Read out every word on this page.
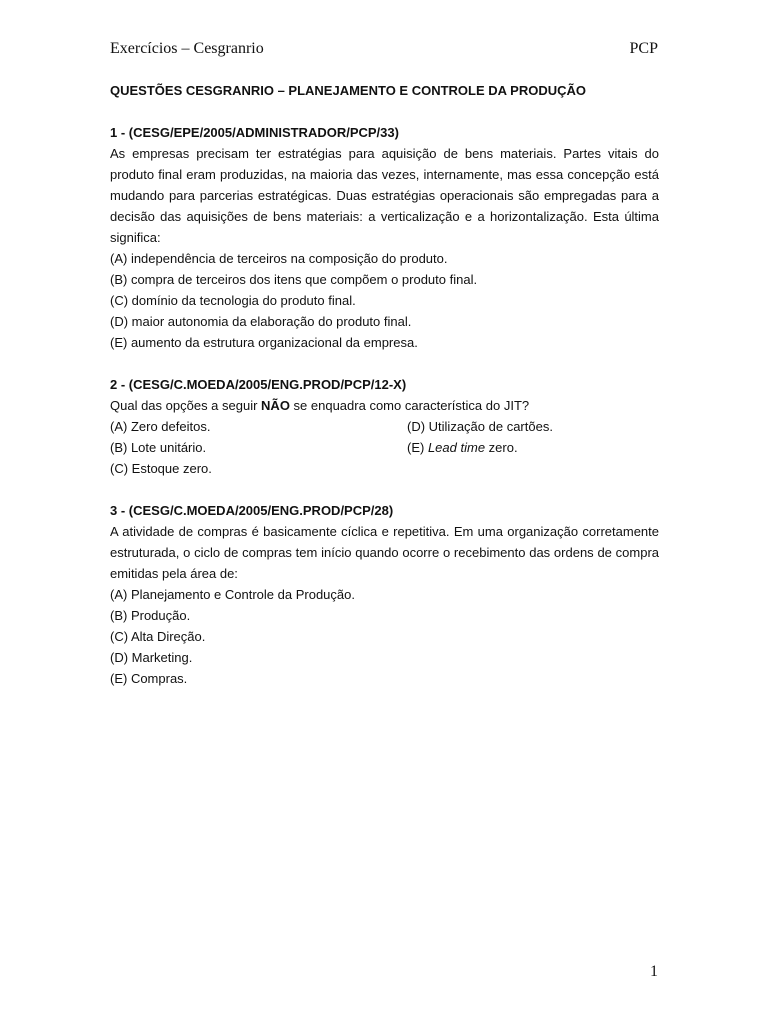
Exercícios – Cesgranrio	PCP

QUESTÕES CESGRANRIO – PLANEJAMENTO E CONTROLE DA PRODUÇÃO

1 - (CESG/EPE/2005/ADMINISTRADOR/PCP/33)

As empresas precisam ter estratégias para aquisição de bens materiais. Partes vitais do produto final eram produzidas, na maioria das vezes, internamente, mas essa concepção está mudando para parcerias estratégicas. Duas estratégias operacionais são empregadas para a decisão das aquisições de bens materiais: a verticalização e a horizontalização. Esta última significa:

(A) independência de terceiros na composição do produto.

(B) compra de terceiros dos itens que compõem o produto final.

(C) domínio da tecnologia do produto final.

(D) maior autonomia da elaboração do produto final.

(E) aumento da estrutura organizacional da empresa.

2 - (CESG/C.MOEDA/2005/ENG.PROD/PCP/12-X)

Qual das opções a seguir NÃO se enquadra como característica do JIT?

(A) Zero defeitos.

(B) Lote unitário.

(C) Estoque zero.

(D) Utilização de cartões.

(E) Lead time zero.

3 - (CESG/C.MOEDA/2005/ENG.PROD/PCP/28)

A atividade de compras é basicamente cíclica e repetitiva. Em uma organização corretamente estruturada, o ciclo de compras tem início quando ocorre o recebimento das ordens de compra emitidas pela área de:

(A) Planejamento e Controle da Produção.

(B) Produção.

(C) Alta Direção.

(D) Marketing.

(E) Compras.

1
